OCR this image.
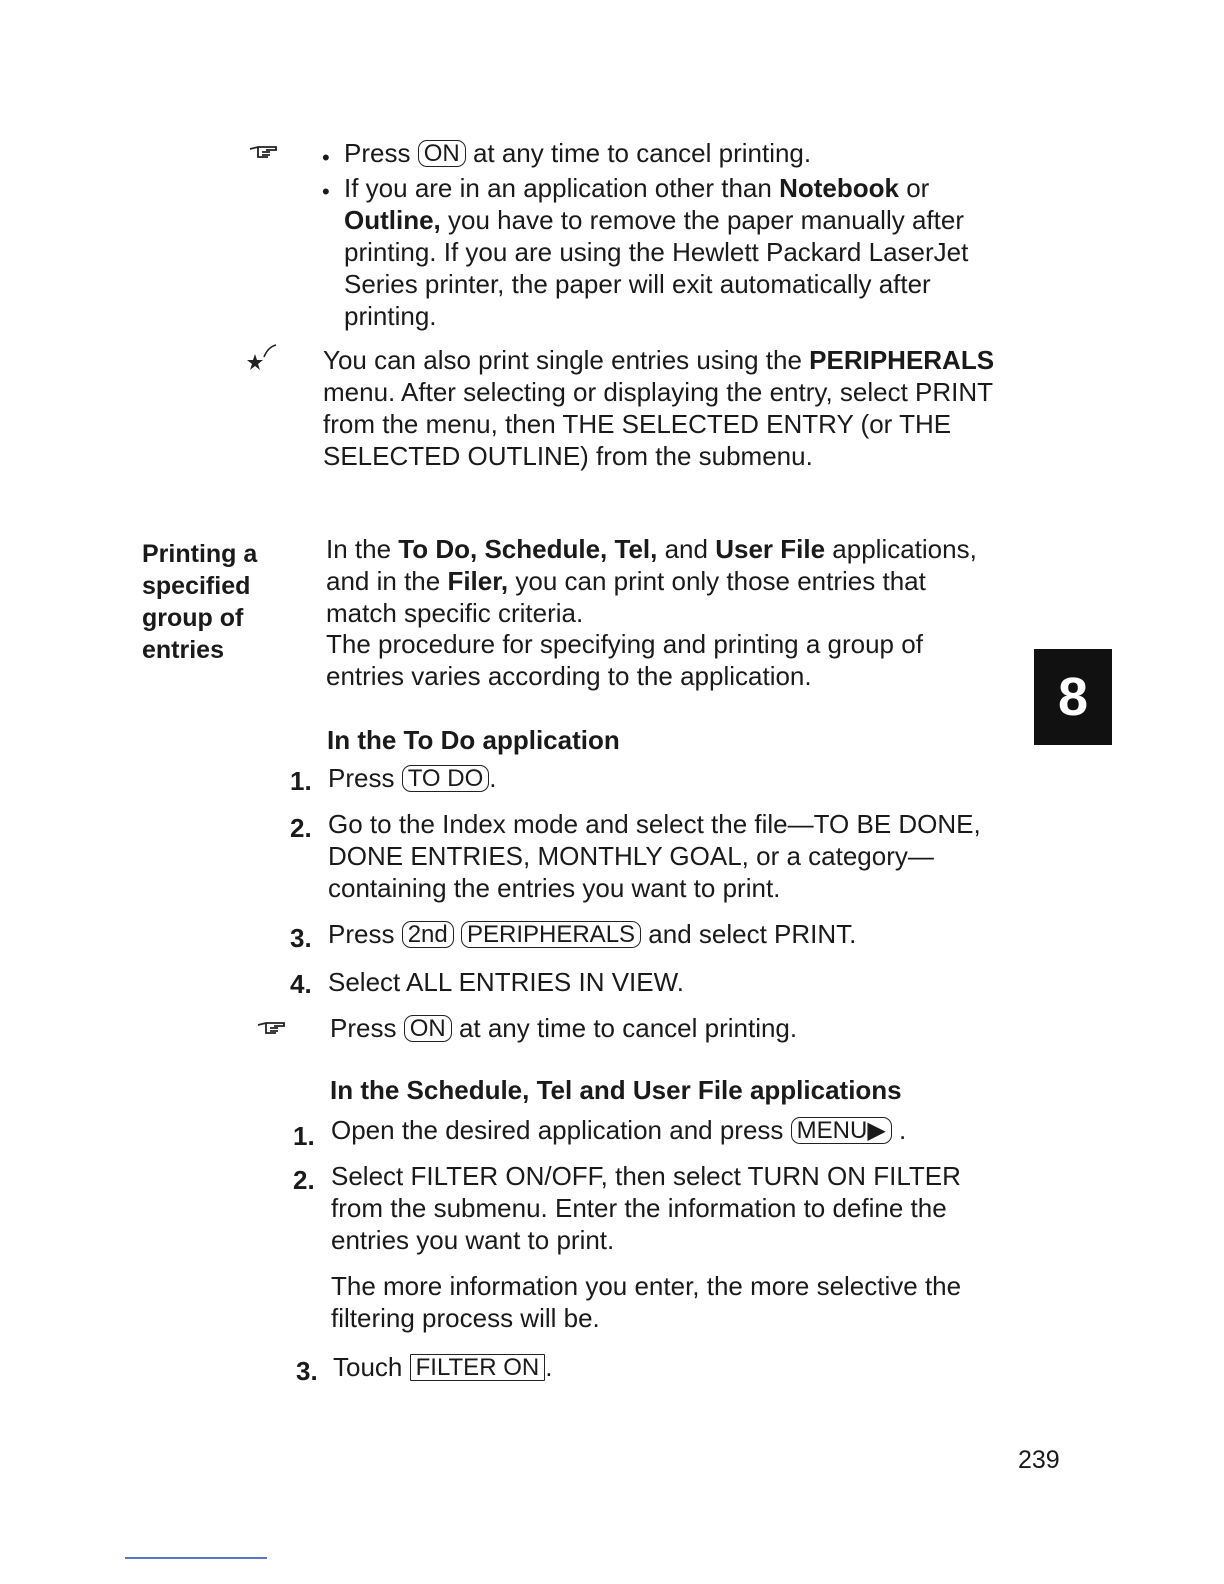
• Press ON at any time to cancel printing.

• If you are in an application other than Notebook or Outline, you have to remove the paper manually after printing. If you are using the Hewlett Packard LaserJet Series printer, the paper will exit automatically after printing.

You can also print single entries using the PERIPHERALS menu. After selecting or displaying the entry, select PRINT from the menu, then THE SELECTED ENTRY (or THE SELECTED OUTLINE) from the submenu.

Printing a
specified
group of
entries

In the To Do, Schedule, Tel, and User File applications, and in the Filer, you can print only those entries that match specific criteria.

The procedure for specifying and printing a group of entries varies according to the application.	8
In the To Do application
1. Press TO DO .

2. Go to the Index mode and select the file—TO BE DONE, DONE ENTRIES, MONTHLY GOAL, or a category—containing the entries you want to print.

3. Press 2nd PERIPHERALS and select PRINT.

4. Select ALL ENTRIES IN VIEW.

Press ON at any time to cancel printing.

In the Schedule, Tel and User File applications
1. Open the desired application and press MENU▶ .

2. Select FILTER ON/OFF, then select TURN ON FILTER from the submenu. Enter the information to define the entries you want to print.

The more information you enter, the more selective the filtering process will be.

3. Touch FILTER ON .

239
